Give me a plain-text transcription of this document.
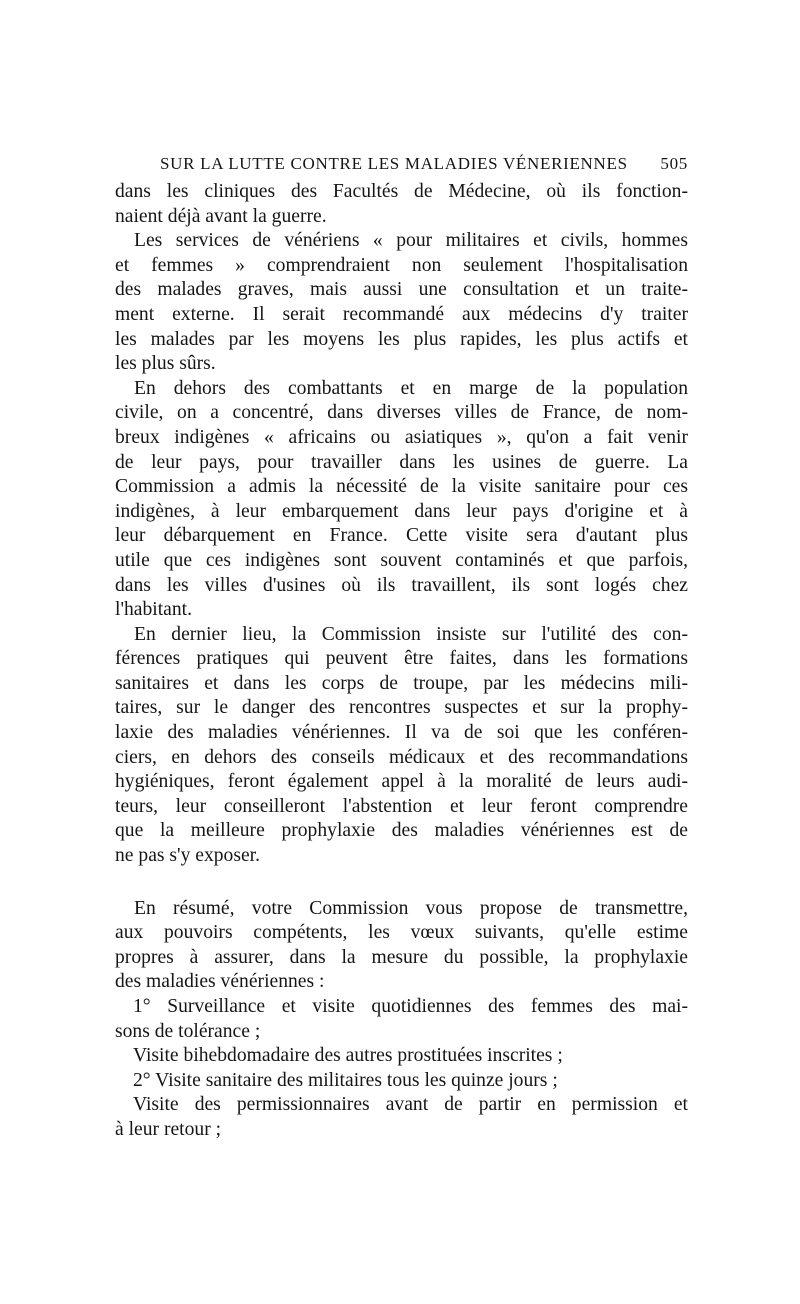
SUR LA LUTTE CONTRE LES MALADIES VÉNERIENNES 505
dans les cliniques des Facultés de Médecine, où ils fonction-
naient déjà avant la guerre.
Les services de vénériens « pour militaires et civils, hommes
et femmes » comprendraient non seulement l'hospitalisation
des malades graves, mais aussi une consultation et un traite-
ment externe. Il serait recommandé aux médecins d'y traiter
les malades par les moyens les plus rapides, les plus actifs et
les plus sûrs.
En dehors des combattants et en marge de la population
civile, on a concentré, dans diverses villes de France, de nom-
breux indigènes « africains ou asiatiques », qu'on a fait venir
de leur pays, pour travailler dans les usines de guerre. La
Commission a admis la nécessité de la visite sanitaire pour ces
indigènes, à leur embarquement dans leur pays d'origine et à
leur débarquement en France. Cette visite sera d'autant plus
utile que ces indigènes sont souvent contaminés et que parfois,
dans les villes d'usines où ils travaillent, ils sont logés chez
l'habitant.
En dernier lieu, la Commission insiste sur l'utilité des con-
férences pratiques qui peuvent être faites, dans les formations
sanitaires et dans les corps de troupe, par les médecins mili-
taires, sur le danger des rencontres suspectes et sur la prophy-
laxie des maladies vénériennes. Il va de soi que les conféren-
ciers, en dehors des conseils médicaux et des recommandations
hygiéniques, feront également appel à la moralité de leurs audi-
teurs, leur conseilleront l'abstention et leur feront comprendre
que la meilleure prophylaxie des maladies vénériennes est de
ne pas s'y exposer.
En résumé, votre Commission vous propose de transmettre,
aux pouvoirs compétents, les vœux suivants, qu'elle estime
propres à assurer, dans la mesure du possible, la prophylaxie
des maladies vénériennes :
1° Surveillance et visite quotidiennes des femmes des mai-
sons de tolérance ;
Visite bihebdomadaire des autres prostituées inscrites ;
2° Visite sanitaire des militaires tous les quinze jours ;
Visite des permissionnaires avant de partir en permission et
à leur retour ;
